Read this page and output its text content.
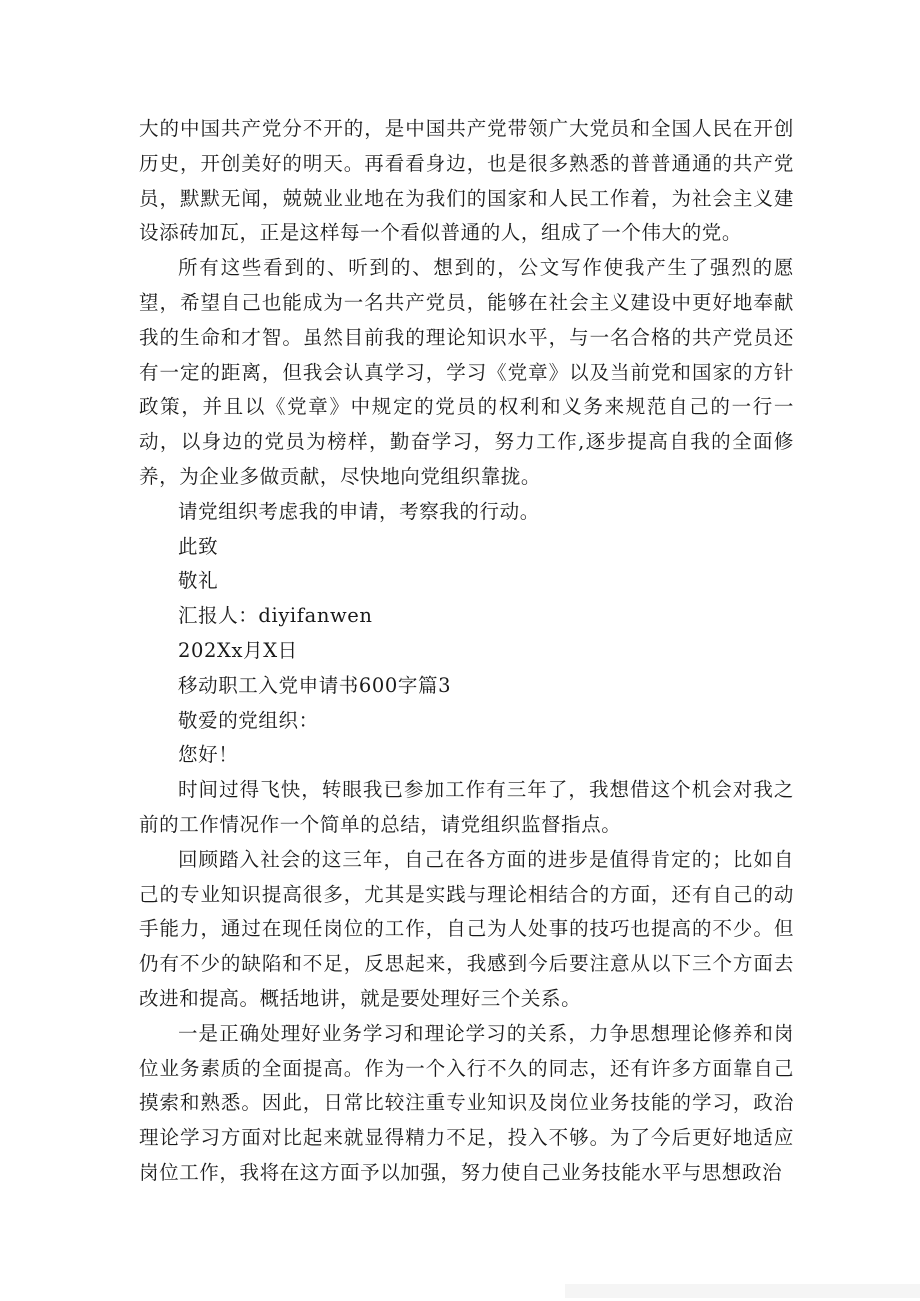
大的中国共产党分不开的，是中国共产党带领广大党员和全国人民在开创历史，开创美好的明天。再看看身边，也是很多熟悉的普普通通的共产党员，默默无闻，兢兢业业地在为我们的国家和人民工作着，为社会主义建设添砖加瓦，正是这样每一个看似普通的人，组成了一个伟大的党。

所有这些看到的、听到的、想到的，公文写作使我产生了强烈的愿望，希望自己也能成为一名共产党员，能够在社会主义建设中更好地奉献我的生命和才智。虽然目前我的理论知识水平，与一名合格的共产党员还有一定的距离，但我会认真学习，学习《党章》以及当前党和国家的方针政策，并且以《党章》中规定的党员的权利和义务来规范自己的一行一动，以身边的党员为榜样，勤奋学习，努力工作,逐步提高自我的全面修养，为企业多做贡献，尽快地向党组织靠拢。

请党组织考虑我的申请，考察我的行动。

此致

敬礼

汇报人：diyifanwen

202Xx月X日

移动职工入党申请书600字篇3

敬爱的党组织：

您好！

时间过得飞快，转眼我已参加工作有三年了，我想借这个机会对我之前的工作情况作一个简单的总结，请党组织监督指点。

回顾踏入社会的这三年，自己在各方面的进步是值得肯定的；比如自己的专业知识提高很多，尤其是实践与理论相结合的方面，还有自己的动手能力，通过在现任岗位的工作，自己为人处事的技巧也提高的不少。但仍有不少的缺陷和不足，反思起来，我感到今后要注意从以下三个方面去改进和提高。概括地讲，就是要处理好三个关系。

一是正确处理好业务学习和理论学习的关系，力争思想理论修养和岗位业务素质的全面提高。作为一个入行不久的同志，还有许多方面靠自己摸索和熟悉。因此，日常比较注重专业知识及岗位业务技能的学习，政治理论学习方面对比起来就显得精力不足，投入不够。为了今后更好地适应岗位工作，我将在这方面予以加强，努力使自己业务技能水平与思想政治
